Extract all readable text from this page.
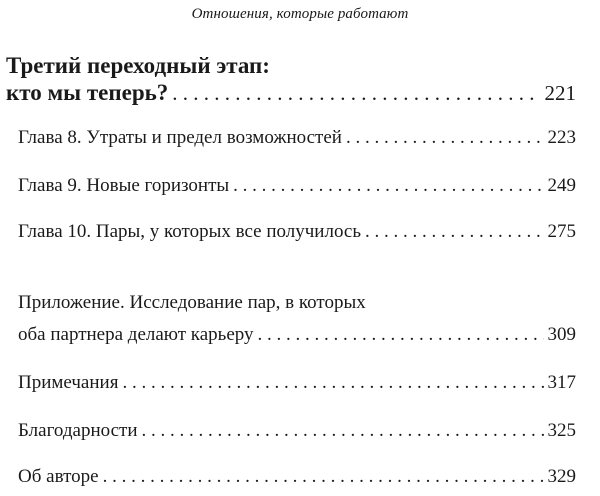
Отношения, которые работают
Третий переходный этап:
кто мы теперь? . . .	221
Глава 8. Утраты и предел возможностей . . .	223
Глава 9. Новые горизонты . . .	249
Глава 10. Пары, у которых все получилось . . .	275
Приложение. Исследование пар, в которых
оба партнера делают карьеру . . .	309
Примечания . . .	317
Благодарности . . .	325
Об авторе . . .	329
